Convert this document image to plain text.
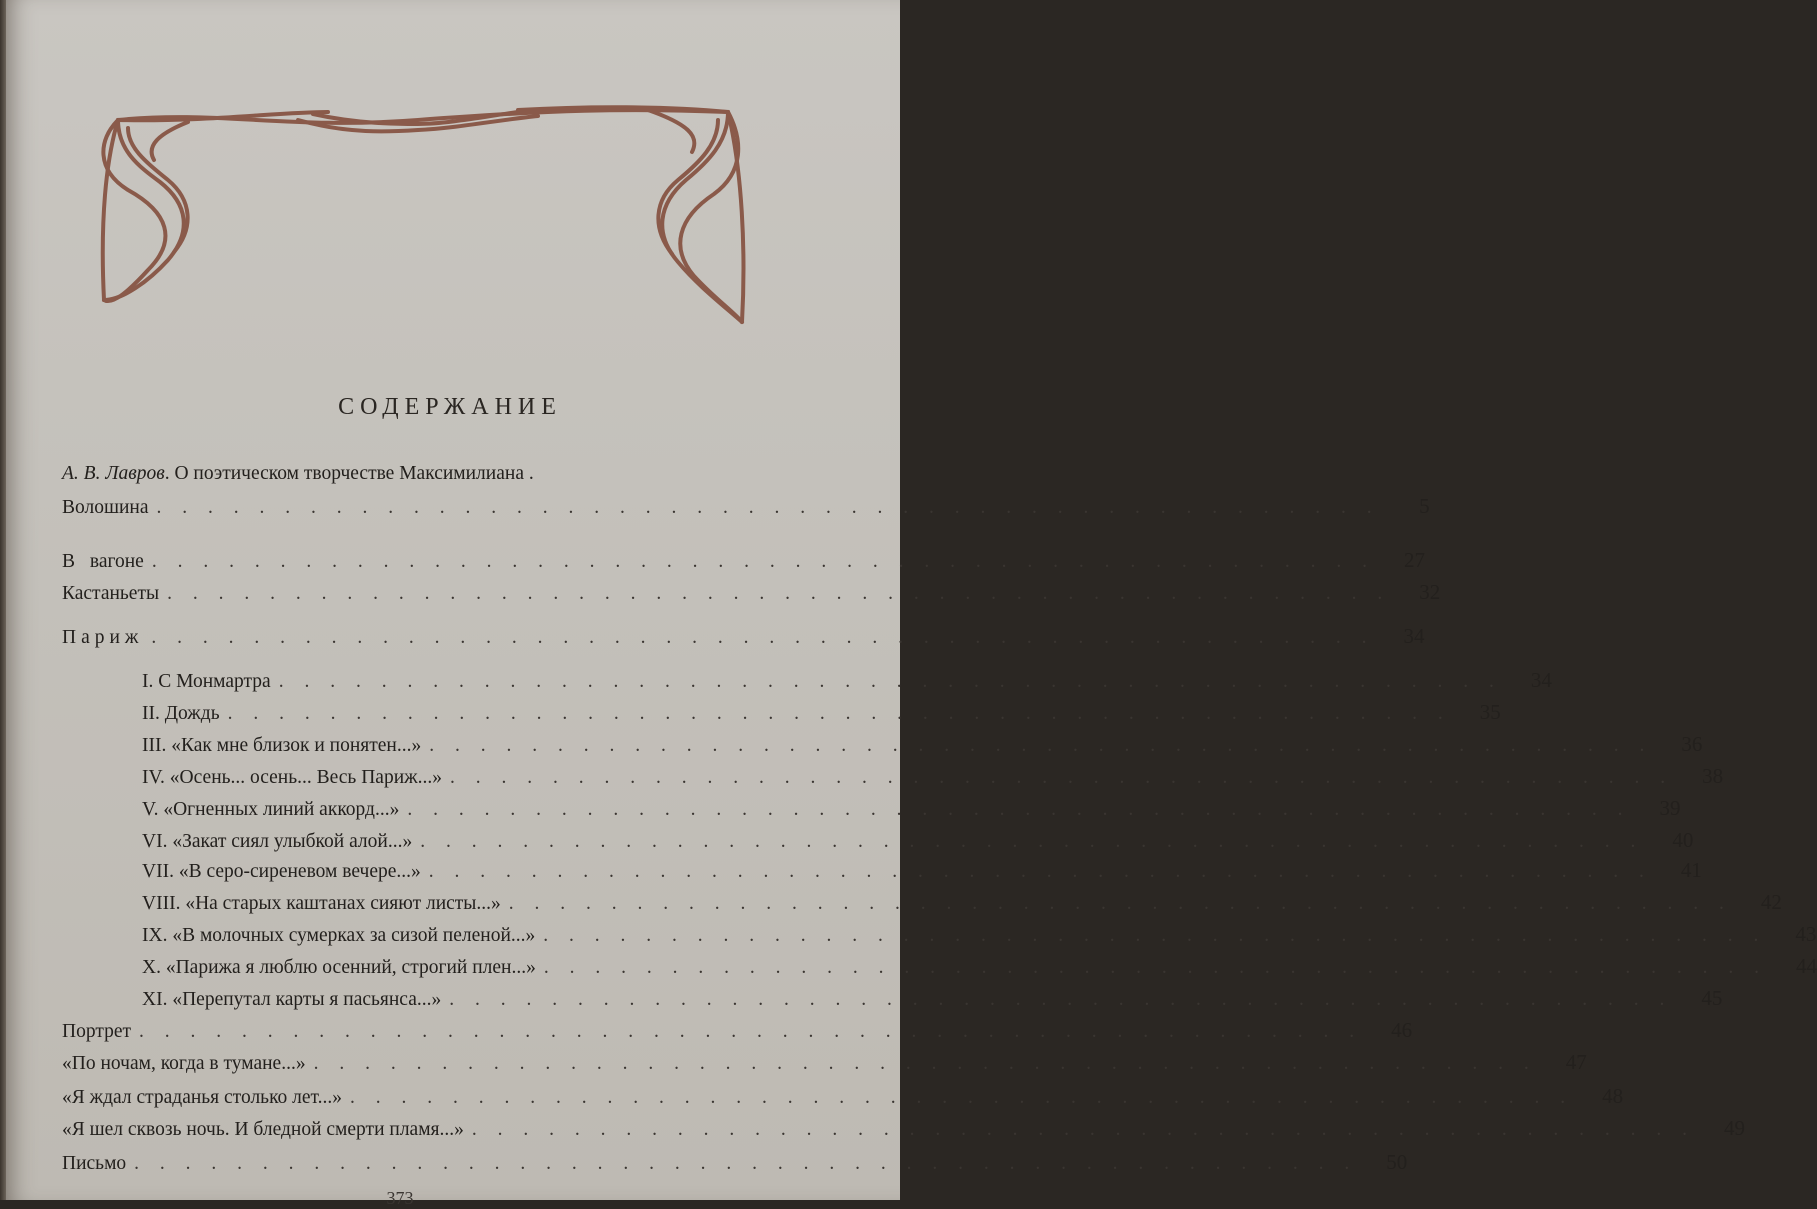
СОДЕРЖАНИЕ
А. В. Лавров. О поэтическом творчестве Максимилиана .
Волошина . . . . . . . . . . . . . . . . . . . . . . . . . . . . . . . . . . . . . . . . . . . . . . . .	5
В вагоне . . . . . . . . . . . . . . . . . . . . . . . . . . . . . . . . . . . . . . . . . . . . . . . .	27
Кастаньеты . . . . . . . . . . . . . . . . . . . . . . . . . . . . . . . . . . . . . . . . . . . . . . . .	32
Париж . . . . . . . . . . . . . . . . . . . . . . . . . . . . . . . . . . . . . . . . . . . . . . . .	34
I. С Монмартра . . . . . . . . . . . . . . . . . . . . . . . . . . . . . . . . . . . . . . . . . . . . . . . .	34
II. Дождь . . . . . . . . . . . . . . . . . . . . . . . . . . . . . . . . . . . . . . . . . . . . . . . .	35
III. «Как мне близок и понятен...» . . . . . . . . . . . . . . . . . . . . . . . . . . . . . . . . . . . . . . . . . . . . . . . .	36
IV. «Осень... осень... Весь Париж...» . . . . . . . . . . . . . . . . . . . . . . . . . . . . . . . . . . . . . . . . . . . . . . . .	38
V. «Огненных линий аккорд...» . . . . . . . . . . . . . . . . . . . . . . . . . . . . . . . . . . . . . . . . . . . . . . . .	39
VI. «Закат сиял улыбкой алой...» . . . . . . . . . . . . . . . . . . . . . . . . . . . . . . . . . . . . . . . . . . . . . . . .	40
VII. «В серо-сиреневом вечере...» . . . . . . . . . . . . . . . . . . . . . . . . . . . . . . . . . . . . . . . . . . . . . . . .	41
VIII. «На старых каштанах сияют листы...» . . . . . . . . . . . . . . . . . . . . . . . . . . . . . . . . . . . . . . . . . . . . . . . .	42
IX. «В молочных сумерках за сизой пеленой...» . . . . . . . . . . . . . . . . . . . . . . . . . . . . . . . . . . . . . . . . . . . . . . . .	43
X. «Парижа я люблю осенний, строгий плен...» . . . . . . . . . . . . . . . . . . . . . . . . . . . . . . . . . . . . . . . . . . . . . . . .	44
XI. «Перепутал карты я пасьянса...» . . . . . . . . . . . . . . . . . . . . . . . . . . . . . . . . . . . . . . . . . . . . . . . .	45
Портрет . . . . . . . . . . . . . . . . . . . . . . . . . . . . . . . . . . . . . . . . . . . . . . . .	46
«По ночам, когда в тумане...» . . . . . . . . . . . . . . . . . . . . . . . . . . . . . . . . . . . . . . . . . . . . . . . .	47
«Я ждал страданья столько лет...» . . . . . . . . . . . . . . . . . . . . . . . . . . . . . . . . . . . . . . . . . . . . . . . .	48
«Я шел сквозь ночь. И бледной смерти пламя...» . . . . . . . . . . . . . . . . . . . . . . . . . . . . . . . . . . . . . . . . . . . . . . . .	49
Письмо . . . . . . . . . . . . . . . . . . . . . . . . . . . . . . . . . . . . . . . . . . . . . . . .	50
373
